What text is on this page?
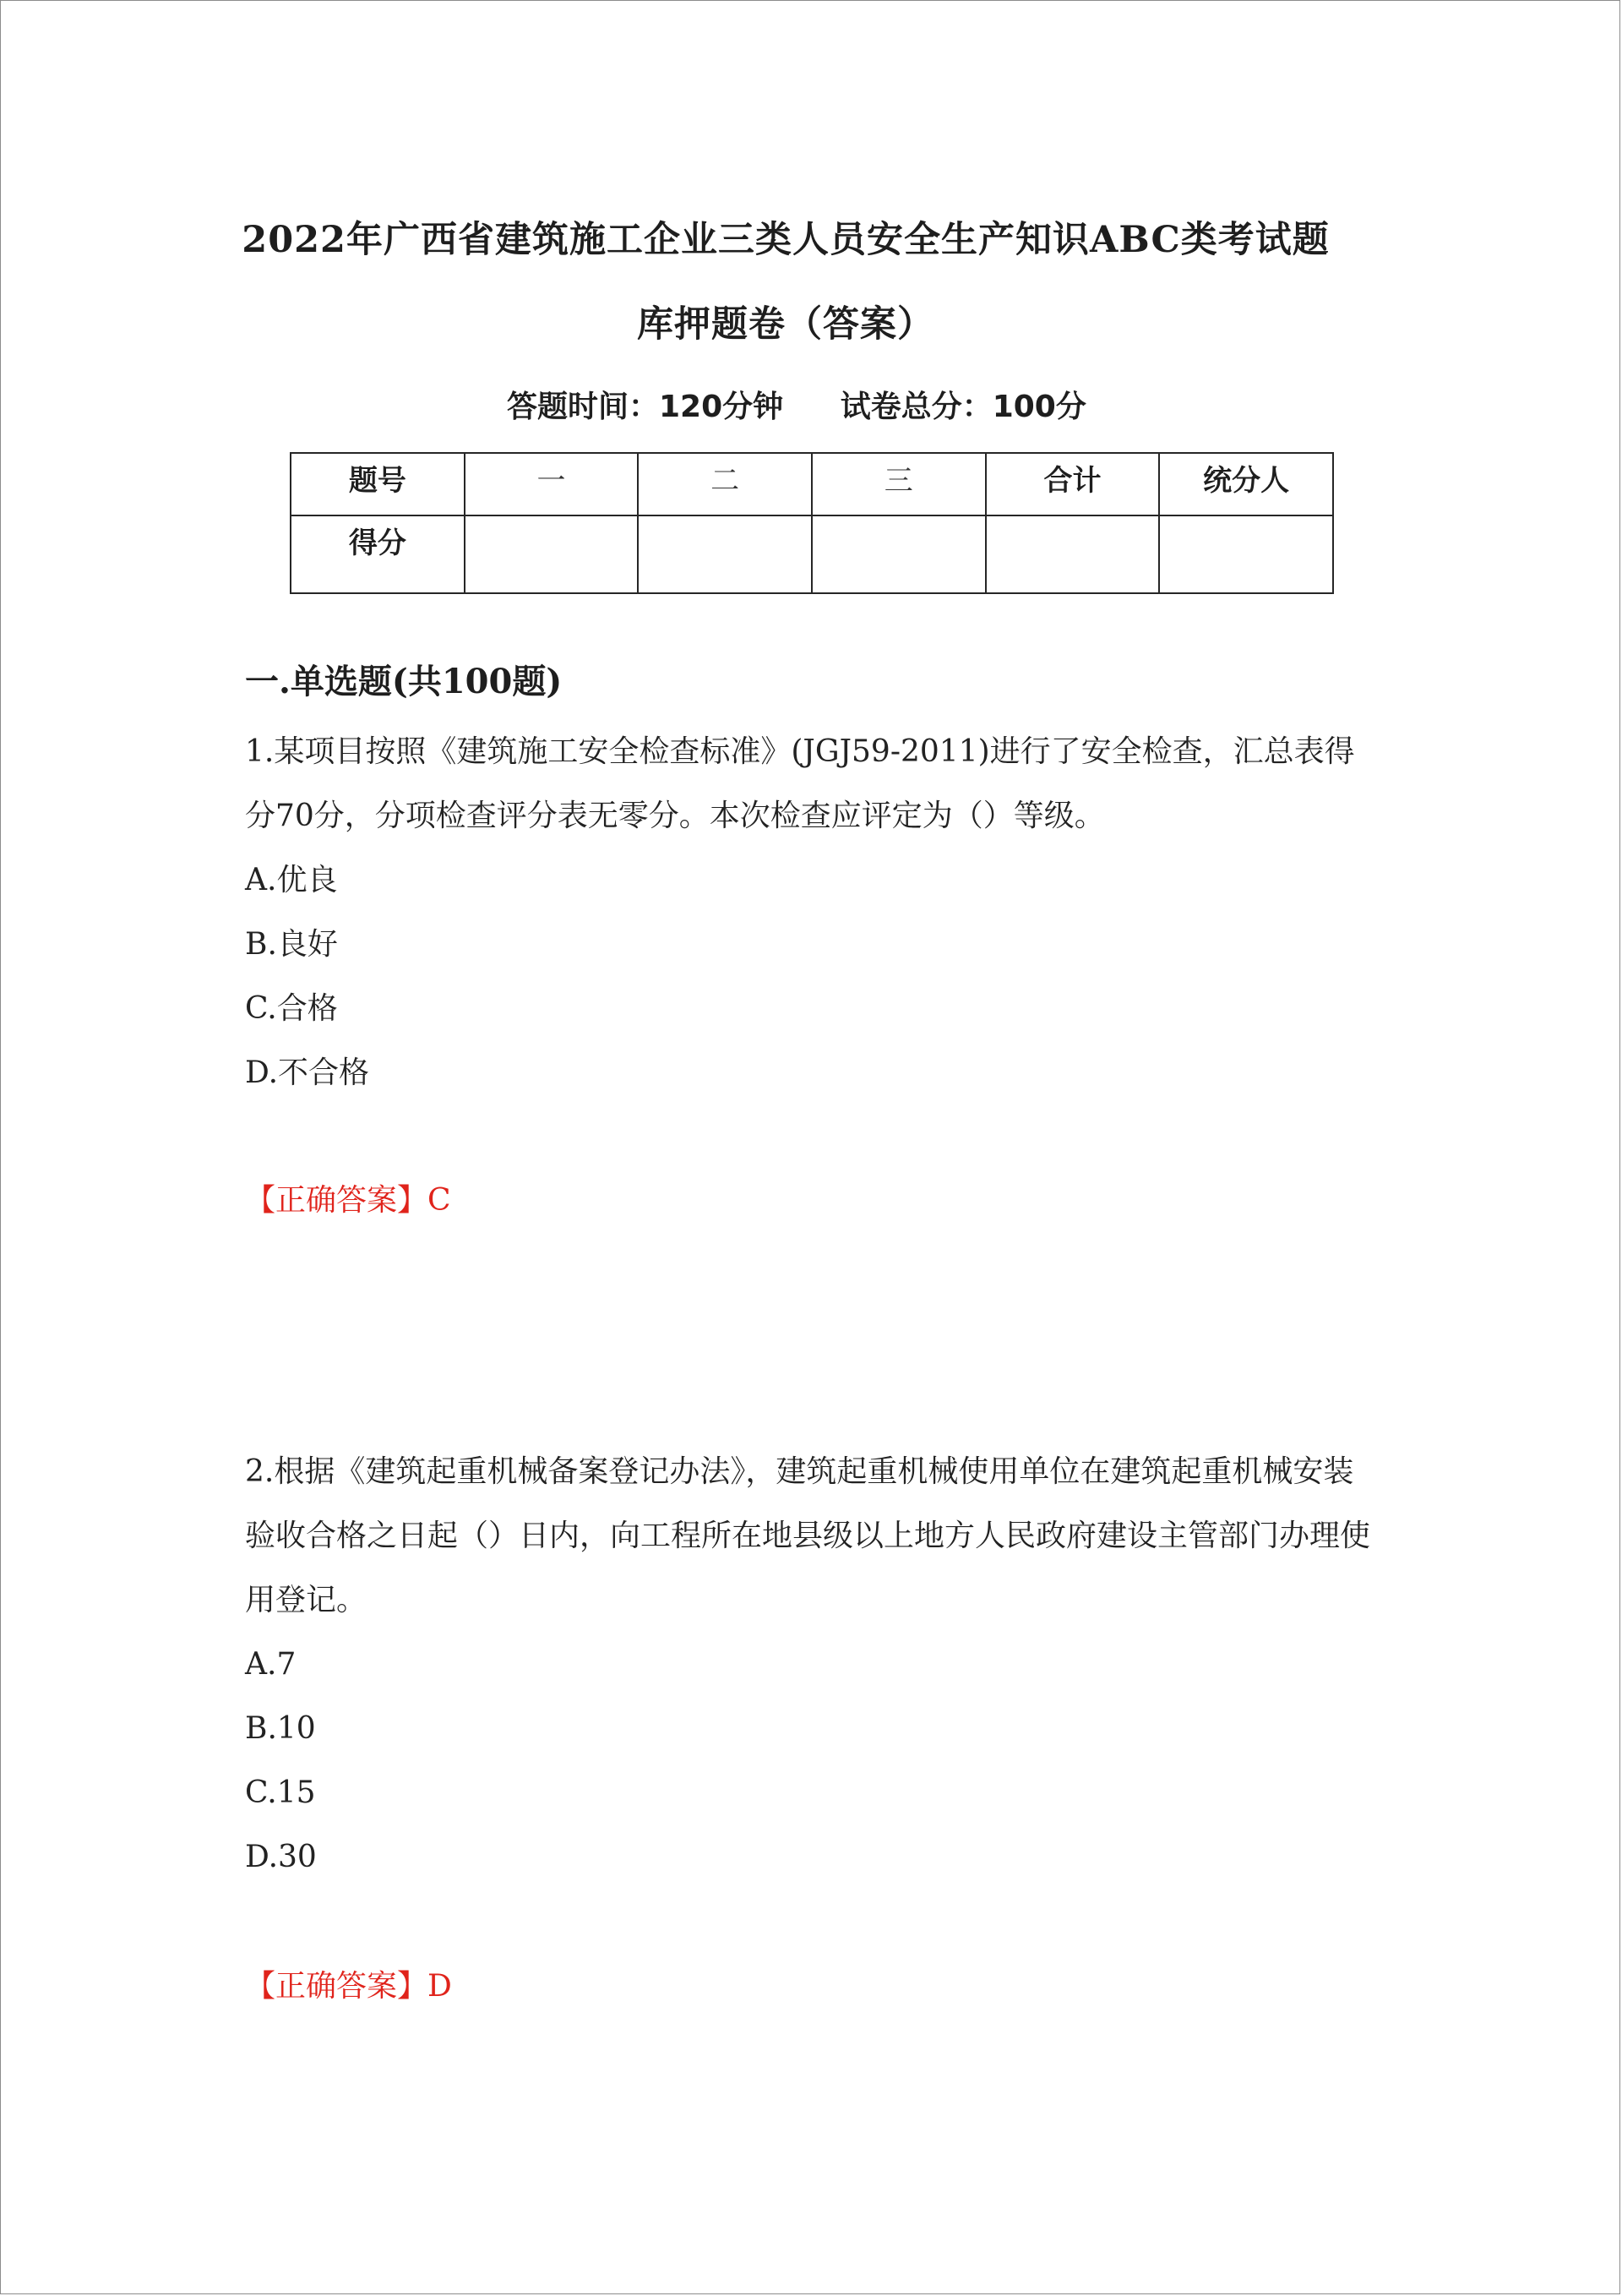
2022年广西省建筑施工企业三类人员安全生产知识ABC类考试题
库押题卷（答案）
答题时间：120分钟 试卷总分：100分
题号	一	二	三	合计	统分人
得分					
一.单选题(共100题)
1.某项目按照《建筑施工安全检查标准》(JGJ59-2011)进行了安全检查，汇总表得分70分，分项检查评分表无零分。本次检查应评定为（）等级。
A.优良
B.良好
C.合格
D.不合格
【正确答案】C
2.根据《建筑起重机械备案登记办法》，建筑起重机械使用单位在建筑起重机械安装验收合格之日起（）日内，向工程所在地县级以上地方人民政府建设主管部门办理使用登记。
A.7
B.10
C.15
D.30
【正确答案】D
